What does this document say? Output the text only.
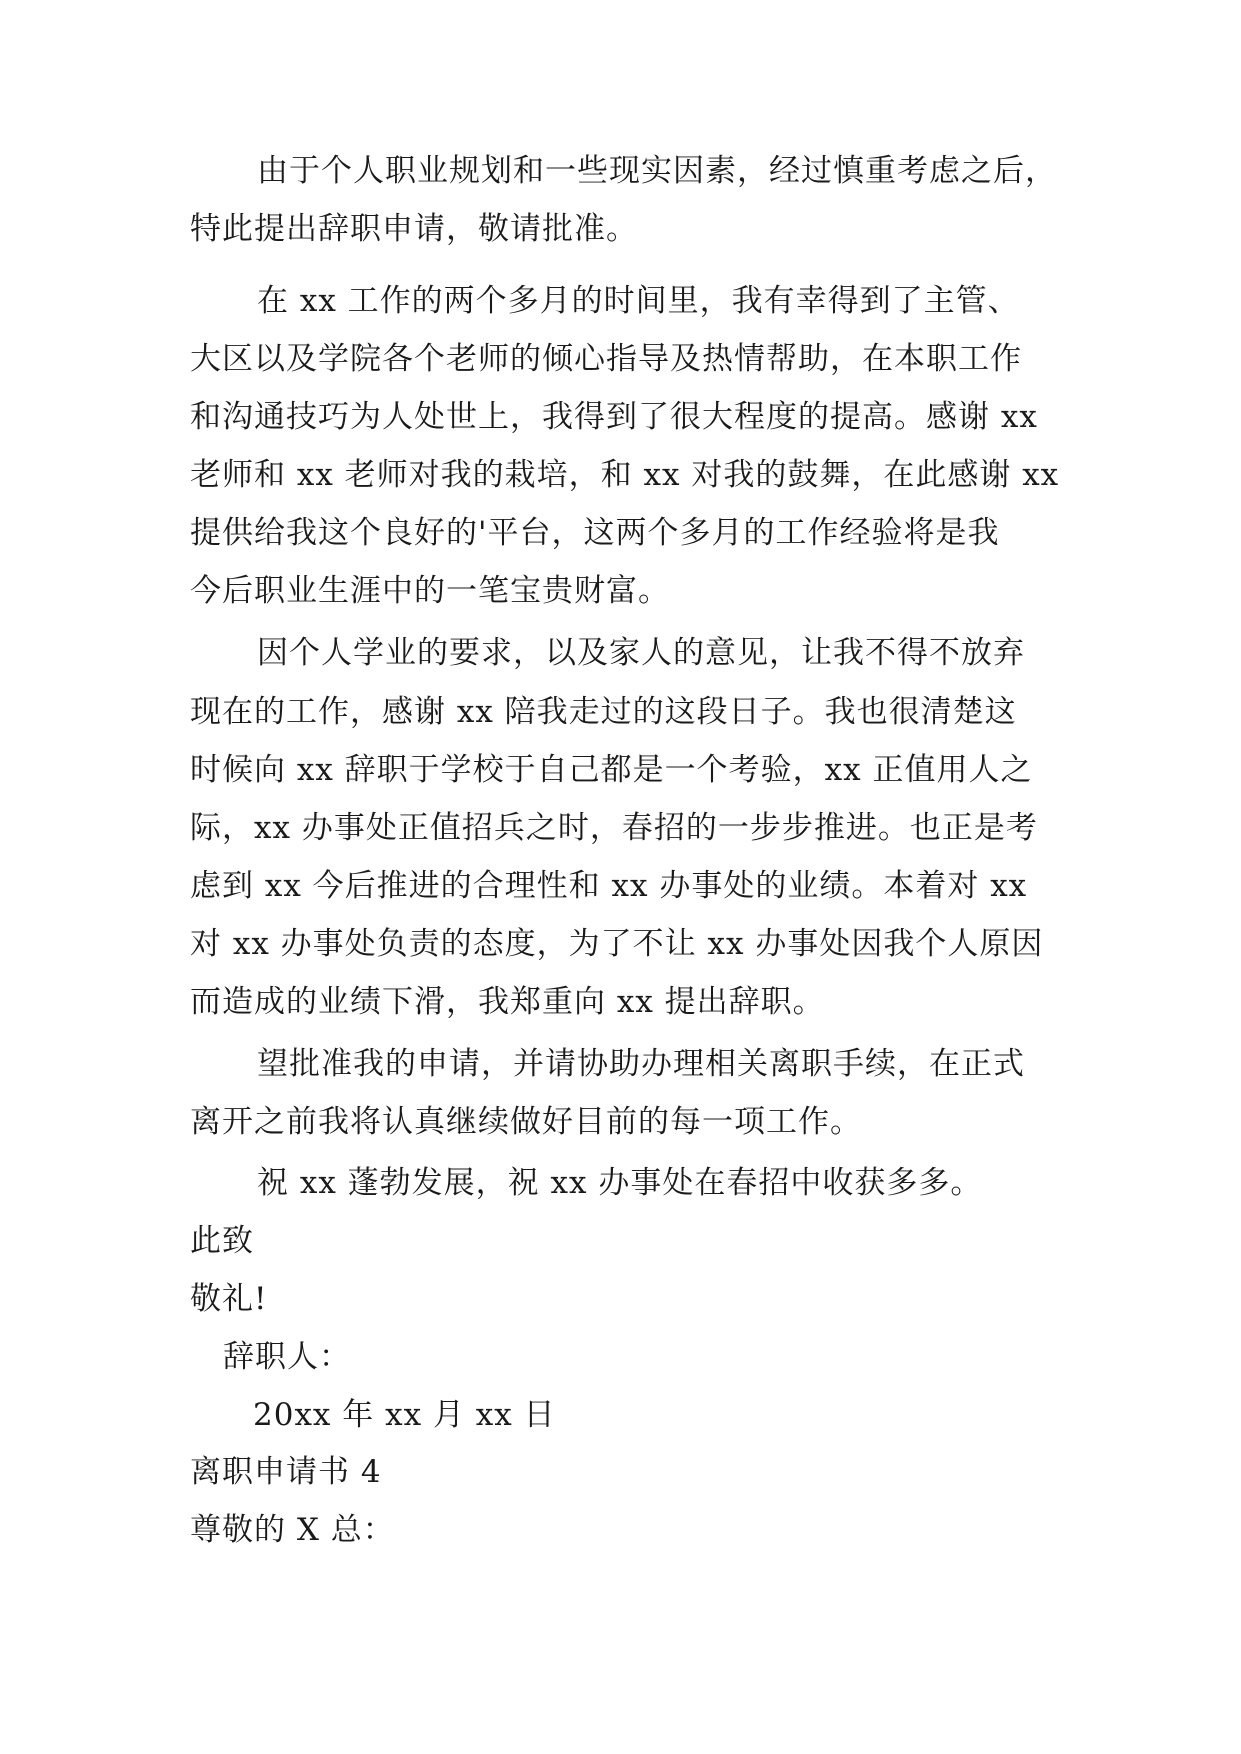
由于个人职业规划和一些现实因素，经过慎重考虑之后，
特此提出辞职申请，敬请批准。
在 xx 工作的两个多月的时间里，我有幸得到了主管、
大区以及学院各个老师的倾心指导及热情帮助，在本职工作
和沟通技巧为人处世上，我得到了很大程度的提高。感谢 xx
老师和 xx 老师对我的栽培，和 xx 对我的鼓舞，在此感谢 xx
提供给我这个良好的'平台，这两个多月的工作经验将是我
今后职业生涯中的一笔宝贵财富。
因个人学业的要求，以及家人的意见，让我不得不放弃
现在的工作，感谢 xx 陪我走过的这段日子。我也很清楚这
时候向 xx 辞职于学校于自己都是一个考验，xx 正值用人之
际，xx 办事处正值招兵之时，春招的一步步推进。也正是考
虑到 xx 今后推进的合理性和 xx 办事处的业绩。本着对 xx
对 xx 办事处负责的态度，为了不让 xx 办事处因我个人原因
而造成的业绩下滑，我郑重向 xx 提出辞职。
望批准我的申请，并请协助办理相关离职手续，在正式
离开之前我将认真继续做好目前的每一项工作。
祝 xx 蓬勃发展，祝 xx 办事处在春招中收获多多。
此致
敬礼!
辞职人：
20xx 年 xx 月 xx 日
离职申请书 4
尊敬的 X 总：
